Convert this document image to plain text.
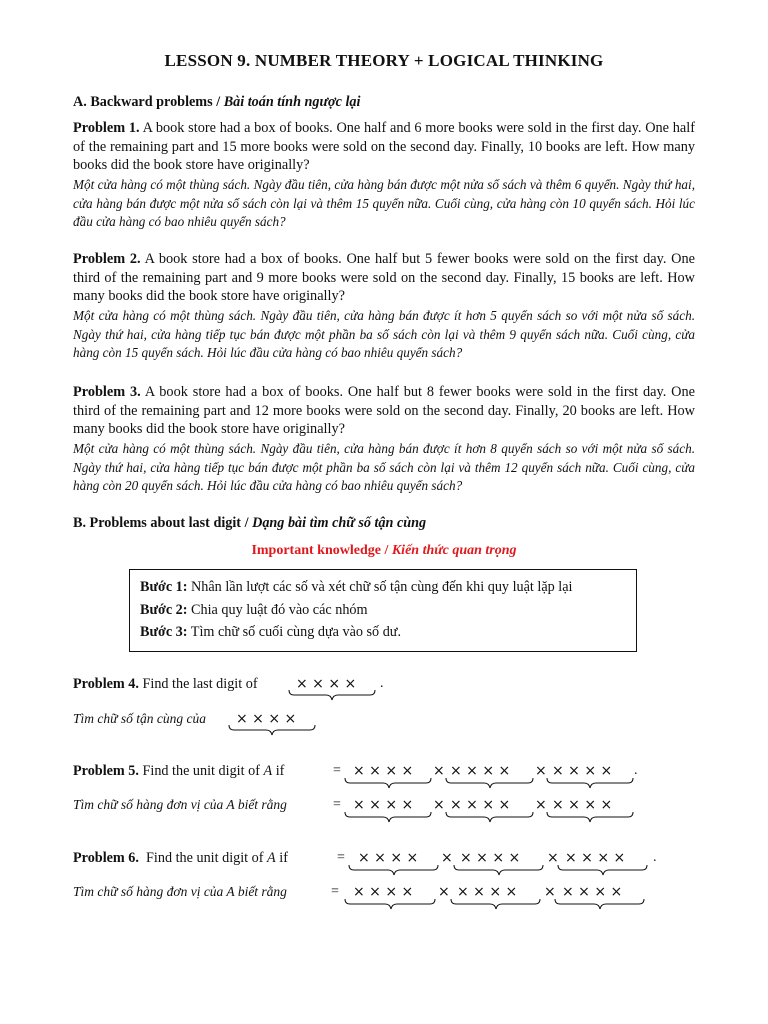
LESSON 9. NUMBER THEORY + LOGICAL THINKING
A. Backward problems / Bài toán tính ngược lại
Problem 1. A book store had a box of books. One half and 6 more books were sold in the first day. One half of the remaining part and 15 more books were sold on the second day. Finally, 10 books are left. How many books did the book store have originally?
Một cửa hàng có một thùng sách. Ngày đầu tiên, cửa hàng bán được một nửa số sách và thêm 6 quyển. Ngày thứ hai, cửa hàng bán được một nửa số sách còn lại và thêm 15 quyển nữa. Cuối cùng, cửa hàng còn 10 quyển sách. Hỏi lúc đầu cửa hàng có bao nhiêu quyển sách?
Problem 2. A book store had a box of books. One half but 5 fewer books were sold on the first day. One third of the remaining part and 9 more books were sold on the second day. Finally, 15 books are left. How many books did the book store have originally?
Một cửa hàng có một thùng sách. Ngày đầu tiên, cửa hàng bán được ít hơn 5 quyển sách so với một nửa số sách. Ngày thứ hai, cửa hàng tiếp tục bán được một phần ba số sách còn lại và thêm 9 quyển sách nữa. Cuối cùng, cửa hàng còn 15 quyển sách. Hỏi lúc đầu cửa hàng có bao nhiêu quyển sách?
Problem 3. A book store had a box of books. One half but 8 fewer books were sold in the first day. One third of the remaining part and 12 more books were sold on the second day. Finally, 20 books are left. How many books did the book store have originally?
Một cửa hàng có một thùng sách. Ngày đầu tiên, cửa hàng bán được ít hơn 8 quyển sách so với một nửa số sách. Ngày thứ hai, cửa hàng tiếp tục bán được một phần ba số sách còn lại và thêm 12 quyển sách nữa. Cuối cùng, cửa hàng còn 20 quyển sách. Hỏi lúc đầu cửa hàng có bao nhiêu quyển sách?
B. Problems about last digit / Dạng bài tìm chữ số tận cùng
Important knowledge / Kiến thức quan trọng
Bước 1: Nhân lần lượt các số và xét chữ số tận cùng đến khi quy luật lặp lại
Bước 2: Chia quy luật đó vào các nhóm
Bước 3: Tìm chữ số cuối cùng dựa vào số dư.
Problem 4. Find the last digit of	× × × × .
Tìm chữ số tận cùng của × × × ×
Problem 5. Find the unit digit of A if	= × × × × × × × × × × × × × × .
Tìm chữ số hàng đơn vị của A biết rằng	= × × × × × × × × × × × × × ×
Problem 6.  Find the unit digit of A if	= × × × × × × × × × × × × × × .
Tìm chữ số hàng đơn vị của A biết rằng	= × × × × × × × × × × × × × ×
